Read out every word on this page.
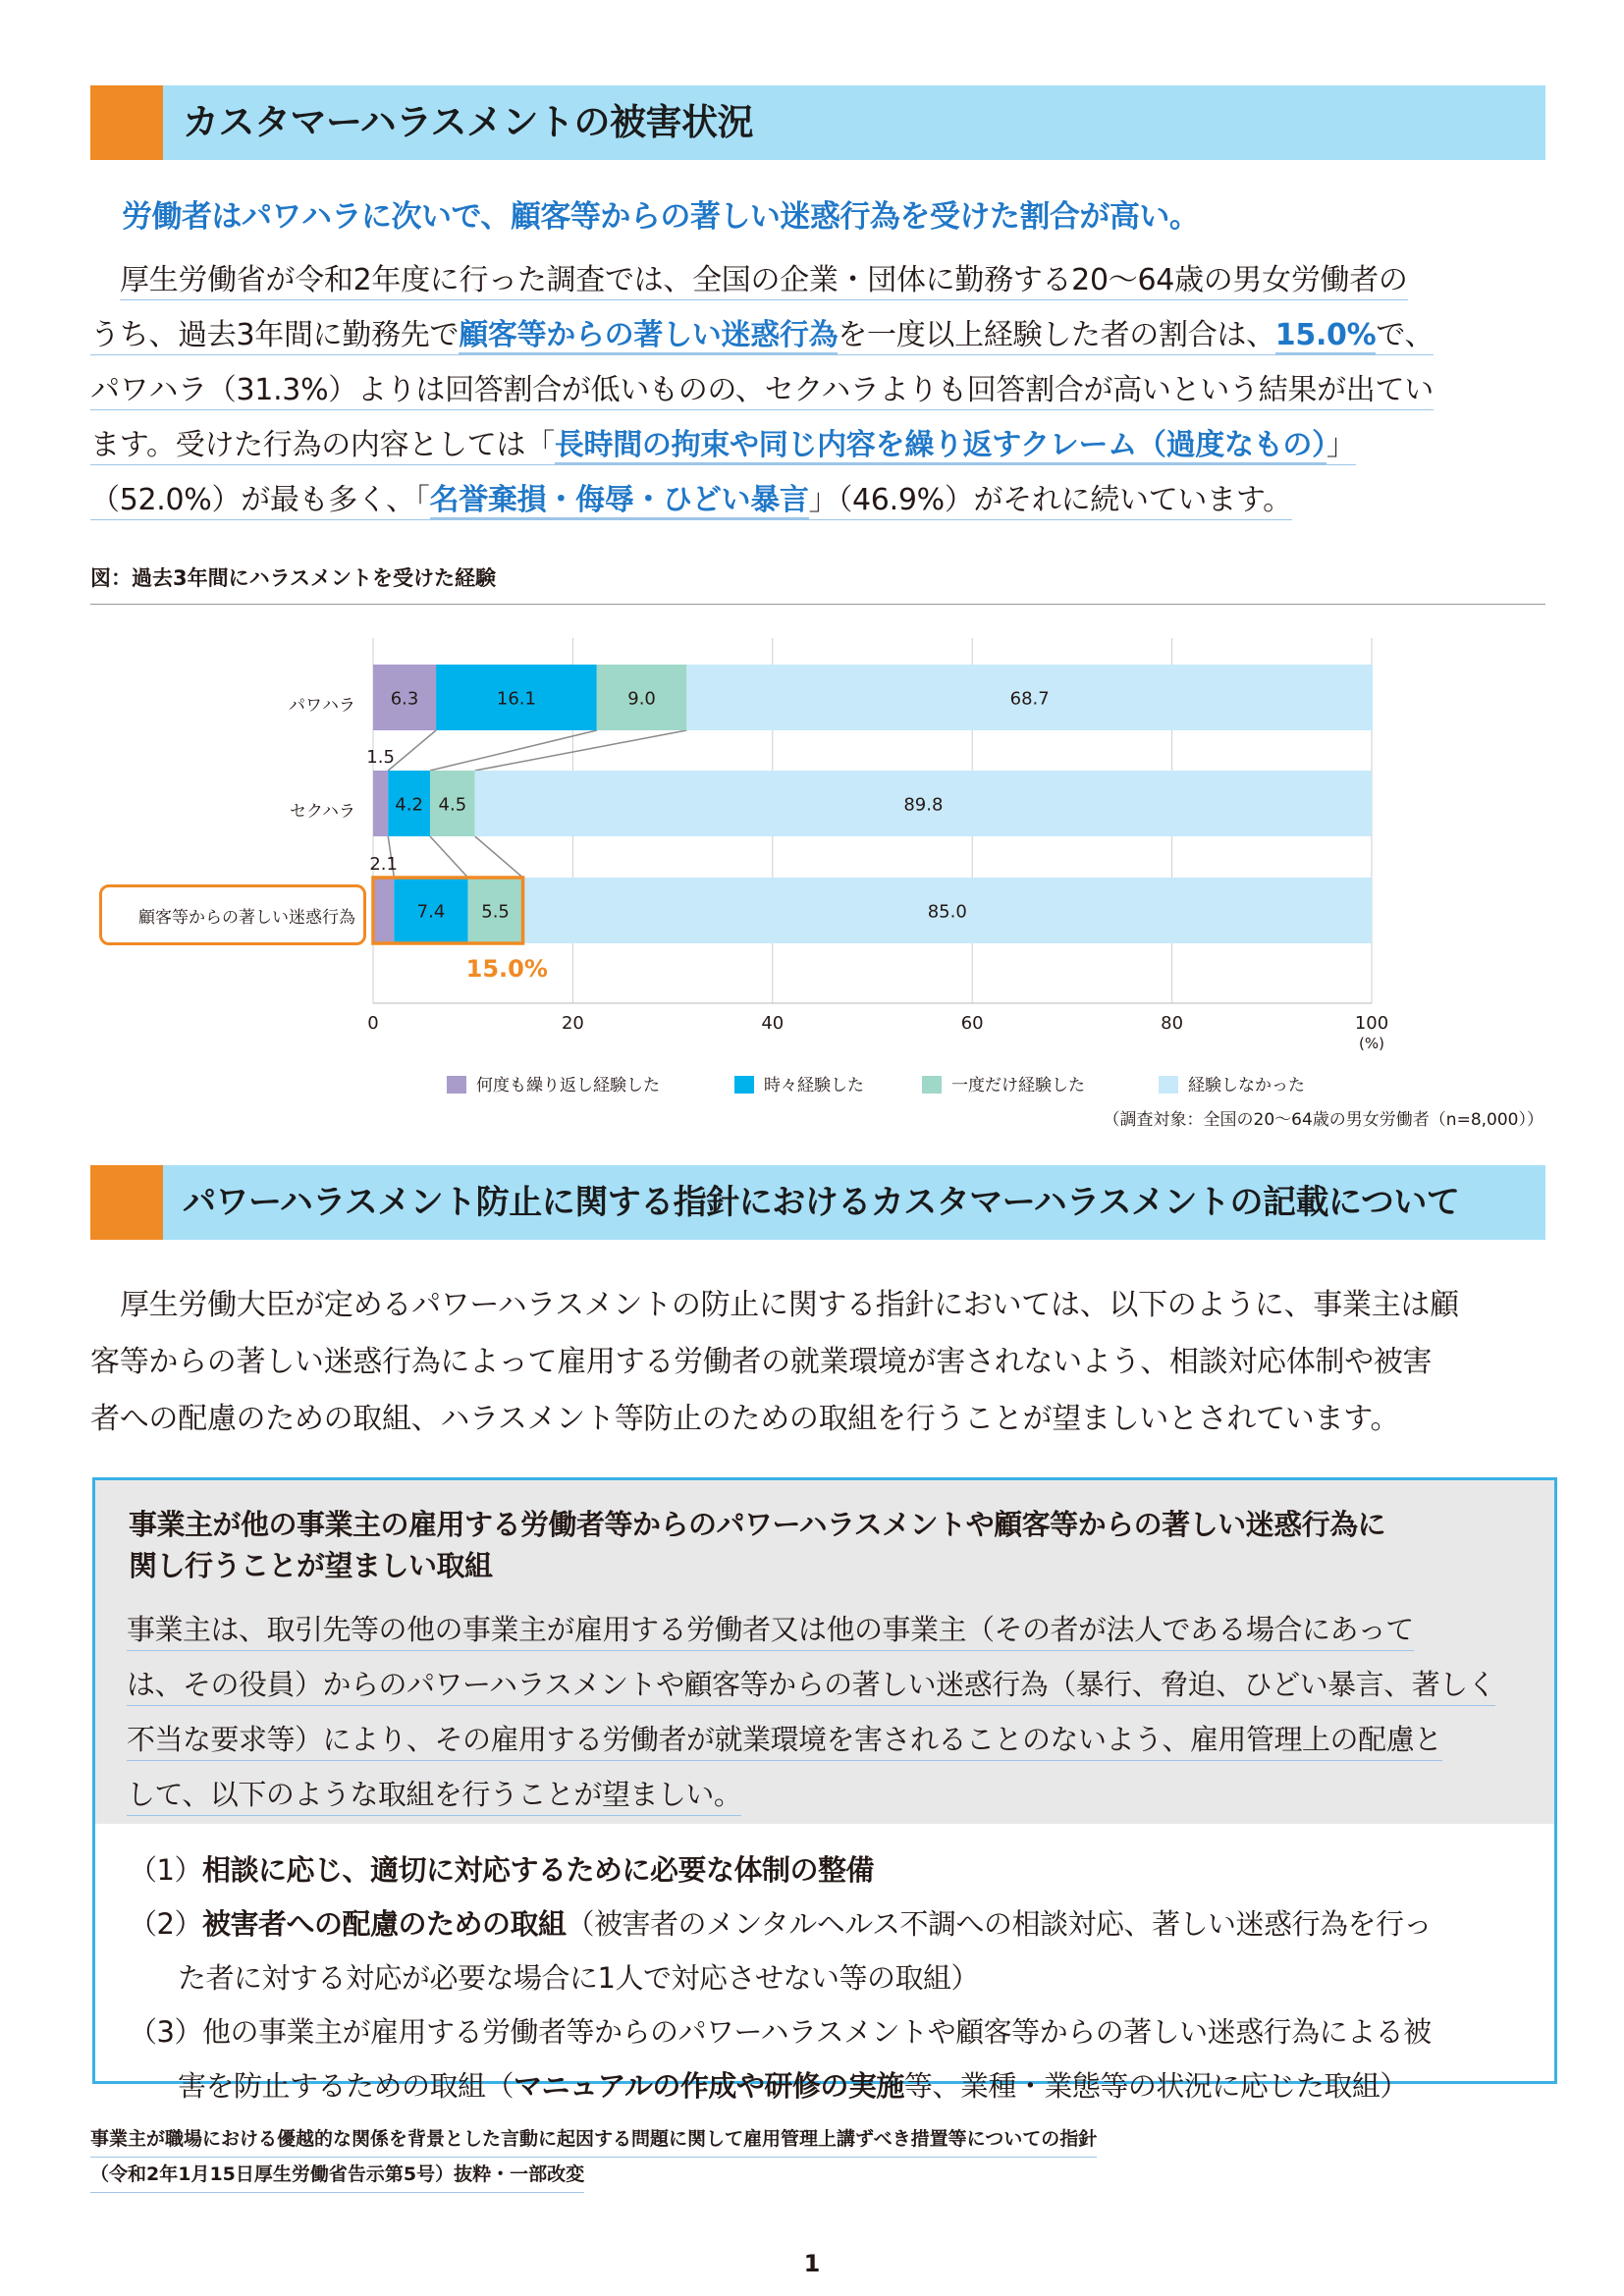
カスタマーハラスメントの被害状況
労働者はパワハラに次いで、顧客等からの著しい迷惑行為を受けた割合が高い。
厚生労働省が令和2年度に行った調査では、全国の企業・団体に勤務する20〜64歳の男女労働者の
うち、過去3年間に勤務先で顧客等からの著しい迷惑行為を一度以上経験した者の割合は、15.0%で、
パワハラ（31.3%）よりは回答割合が低いものの、セクハラよりも回答割合が高いという結果が出てい
ます。受けた行為の内容としては「長時間の拘束や同じ内容を繰り返すクレーム（過度なもの）」
（52.0%）が最も多く、「名誉棄損・侮辱・ひどい暴言」（46.9%）がそれに続いています。
図：過去3年間にハラスメントを受けた経験
0	20	40	60	80	100
(%)
6.3	16.1	9.0	68.7
1.5
4.2 4.5	89.8
2.1
7.4 5.5	85.0
15.0%
パワハラ
セクハラ
顧客等からの著しい迷惑行為
何度も繰り返し経験した	時々経験した	一度だけ経験した	経験しなかった
（調査対象：全国の20〜64歳の男女労働者（n=8,000））
パワーハラスメント防止に関する指針におけるカスタマーハラスメントの記載について
厚生労働大臣が定めるパワーハラスメントの防止に関する指針においては、以下のように、事業主は顧
客等からの著しい迷惑行為によって雇用する労働者の就業環境が害されないよう、相談対応体制や被害
者への配慮のための取組、ハラスメント等防止のための取組を行うことが望ましいとされています。
事業主が他の事業主の雇用する労働者等からのパワーハラスメントや顧客等からの著しい迷惑行為に
関し行うことが望ましい取組
事業主は、取引先等の他の事業主が雇用する労働者又は他の事業主（その者が法人である場合にあって
は、その役員）からのパワーハラスメントや顧客等からの著しい迷惑行為（暴行、脅迫、ひどい暴言、著しく
不当な要求等）により、その雇用する労働者が就業環境を害されることのないよう、雇用管理上の配慮と
して、以下のような取組を行うことが望ましい。
（1）相談に応じ、適切に対応するために必要な体制の整備
（2）被害者への配慮のための取組（被害者のメンタルヘルス不調への相談対応、著しい迷惑行為を行っ
た者に対する対応が必要な場合に1人で対応させない等の取組）
（3）他の事業主が雇用する労働者等からのパワーハラスメントや顧客等からの著しい迷惑行為による被
害を防止するための取組（マニュアルの作成や研修の実施等、業種・業態等の状況に応じた取組）
事業主が職場における優越的な関係を背景とした言動に起因する問題に関して雇用管理上講ずべき措置等についての指針
（令和2年1月15日厚生労働省告示第5号）抜粋・一部改変
1
